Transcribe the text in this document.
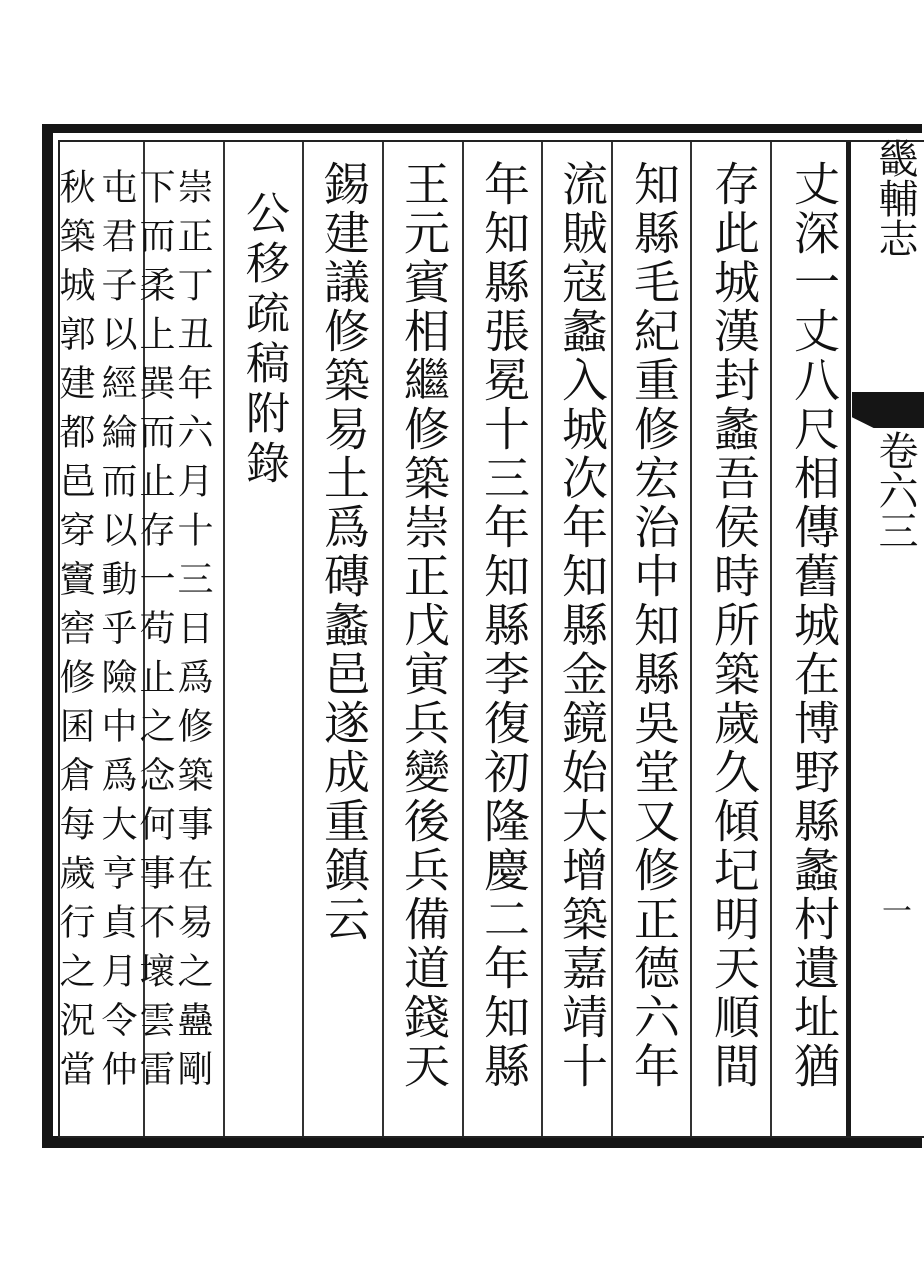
畿輔志
卷六三
一
丈深一丈八尺相傳舊城在博野縣蠡村遺址猶
存此城漢封蠡吾侯時所築歲久傾圮明天順間
知縣毛紀重修宏治中知縣吳堂又修正德六年
流賊寇蠡入城次年知縣金鏡始大增築嘉靖十
年知縣張冕十三年知縣李復初隆慶二年知縣
王元賓相繼修築崇正戊寅兵變後兵備道錢天
錫建議修築易土爲磚蠡邑遂成重鎮云
公移疏稿附錄
崇正丁丑年六月十三日爲修築事在易之蠱剛
下而柔上巽而止存一苟止之念何事不壞雲雷
屯君子以經綸而以動乎險中爲大亨貞月令仲
秋築城郭建都邑穿竇窖修囷倉每歲行之況當
